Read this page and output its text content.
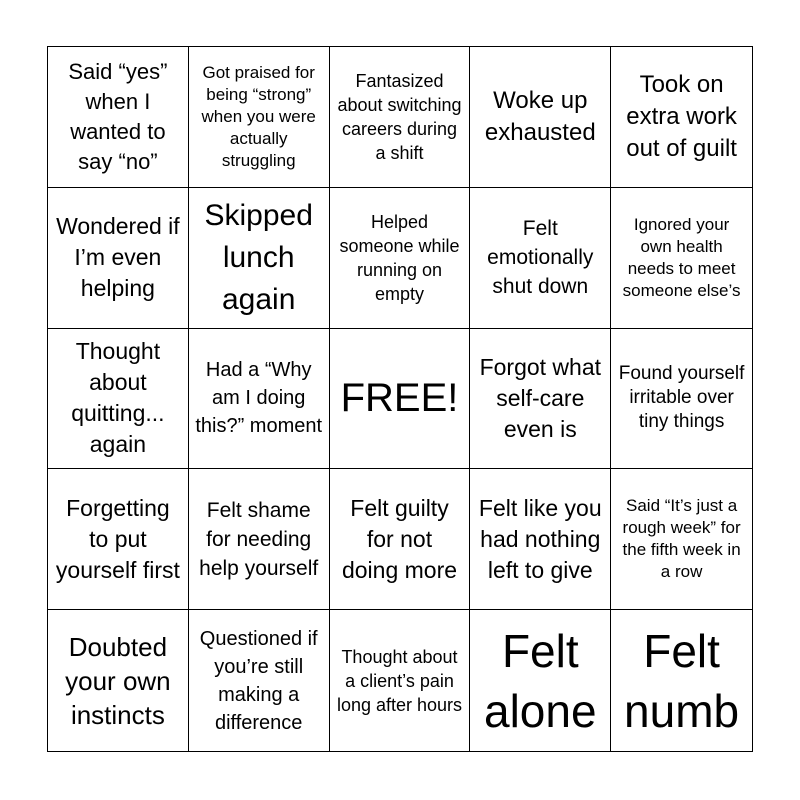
Said “yes” when I wanted to say “no”
Got praised for being “strong” when you were actually struggling
Fantasized about switching careers during a shift
Woke up exhausted
Took on extra work out of guilt
Wondered if I’m even helping
Skipped lunch again
Helped someone while running on empty
Felt emotionally shut down
Ignored your own health needs to meet someone else’s
Thought about quitting... again
Had a “Why am I doing this?” moment
FREE!
Forgot what self-care even is
Found yourself irritable over tiny things
Forgetting to put yourself first
Felt shame for needing help yourself
Felt guilty for not doing more
Felt like you had nothing left to give
Said “It’s just a rough week” for the fifth week in a row
Doubted your own instincts
Questioned if you’re still making a difference
Thought about a client’s pain long after hours
Felt alone
Felt numb
